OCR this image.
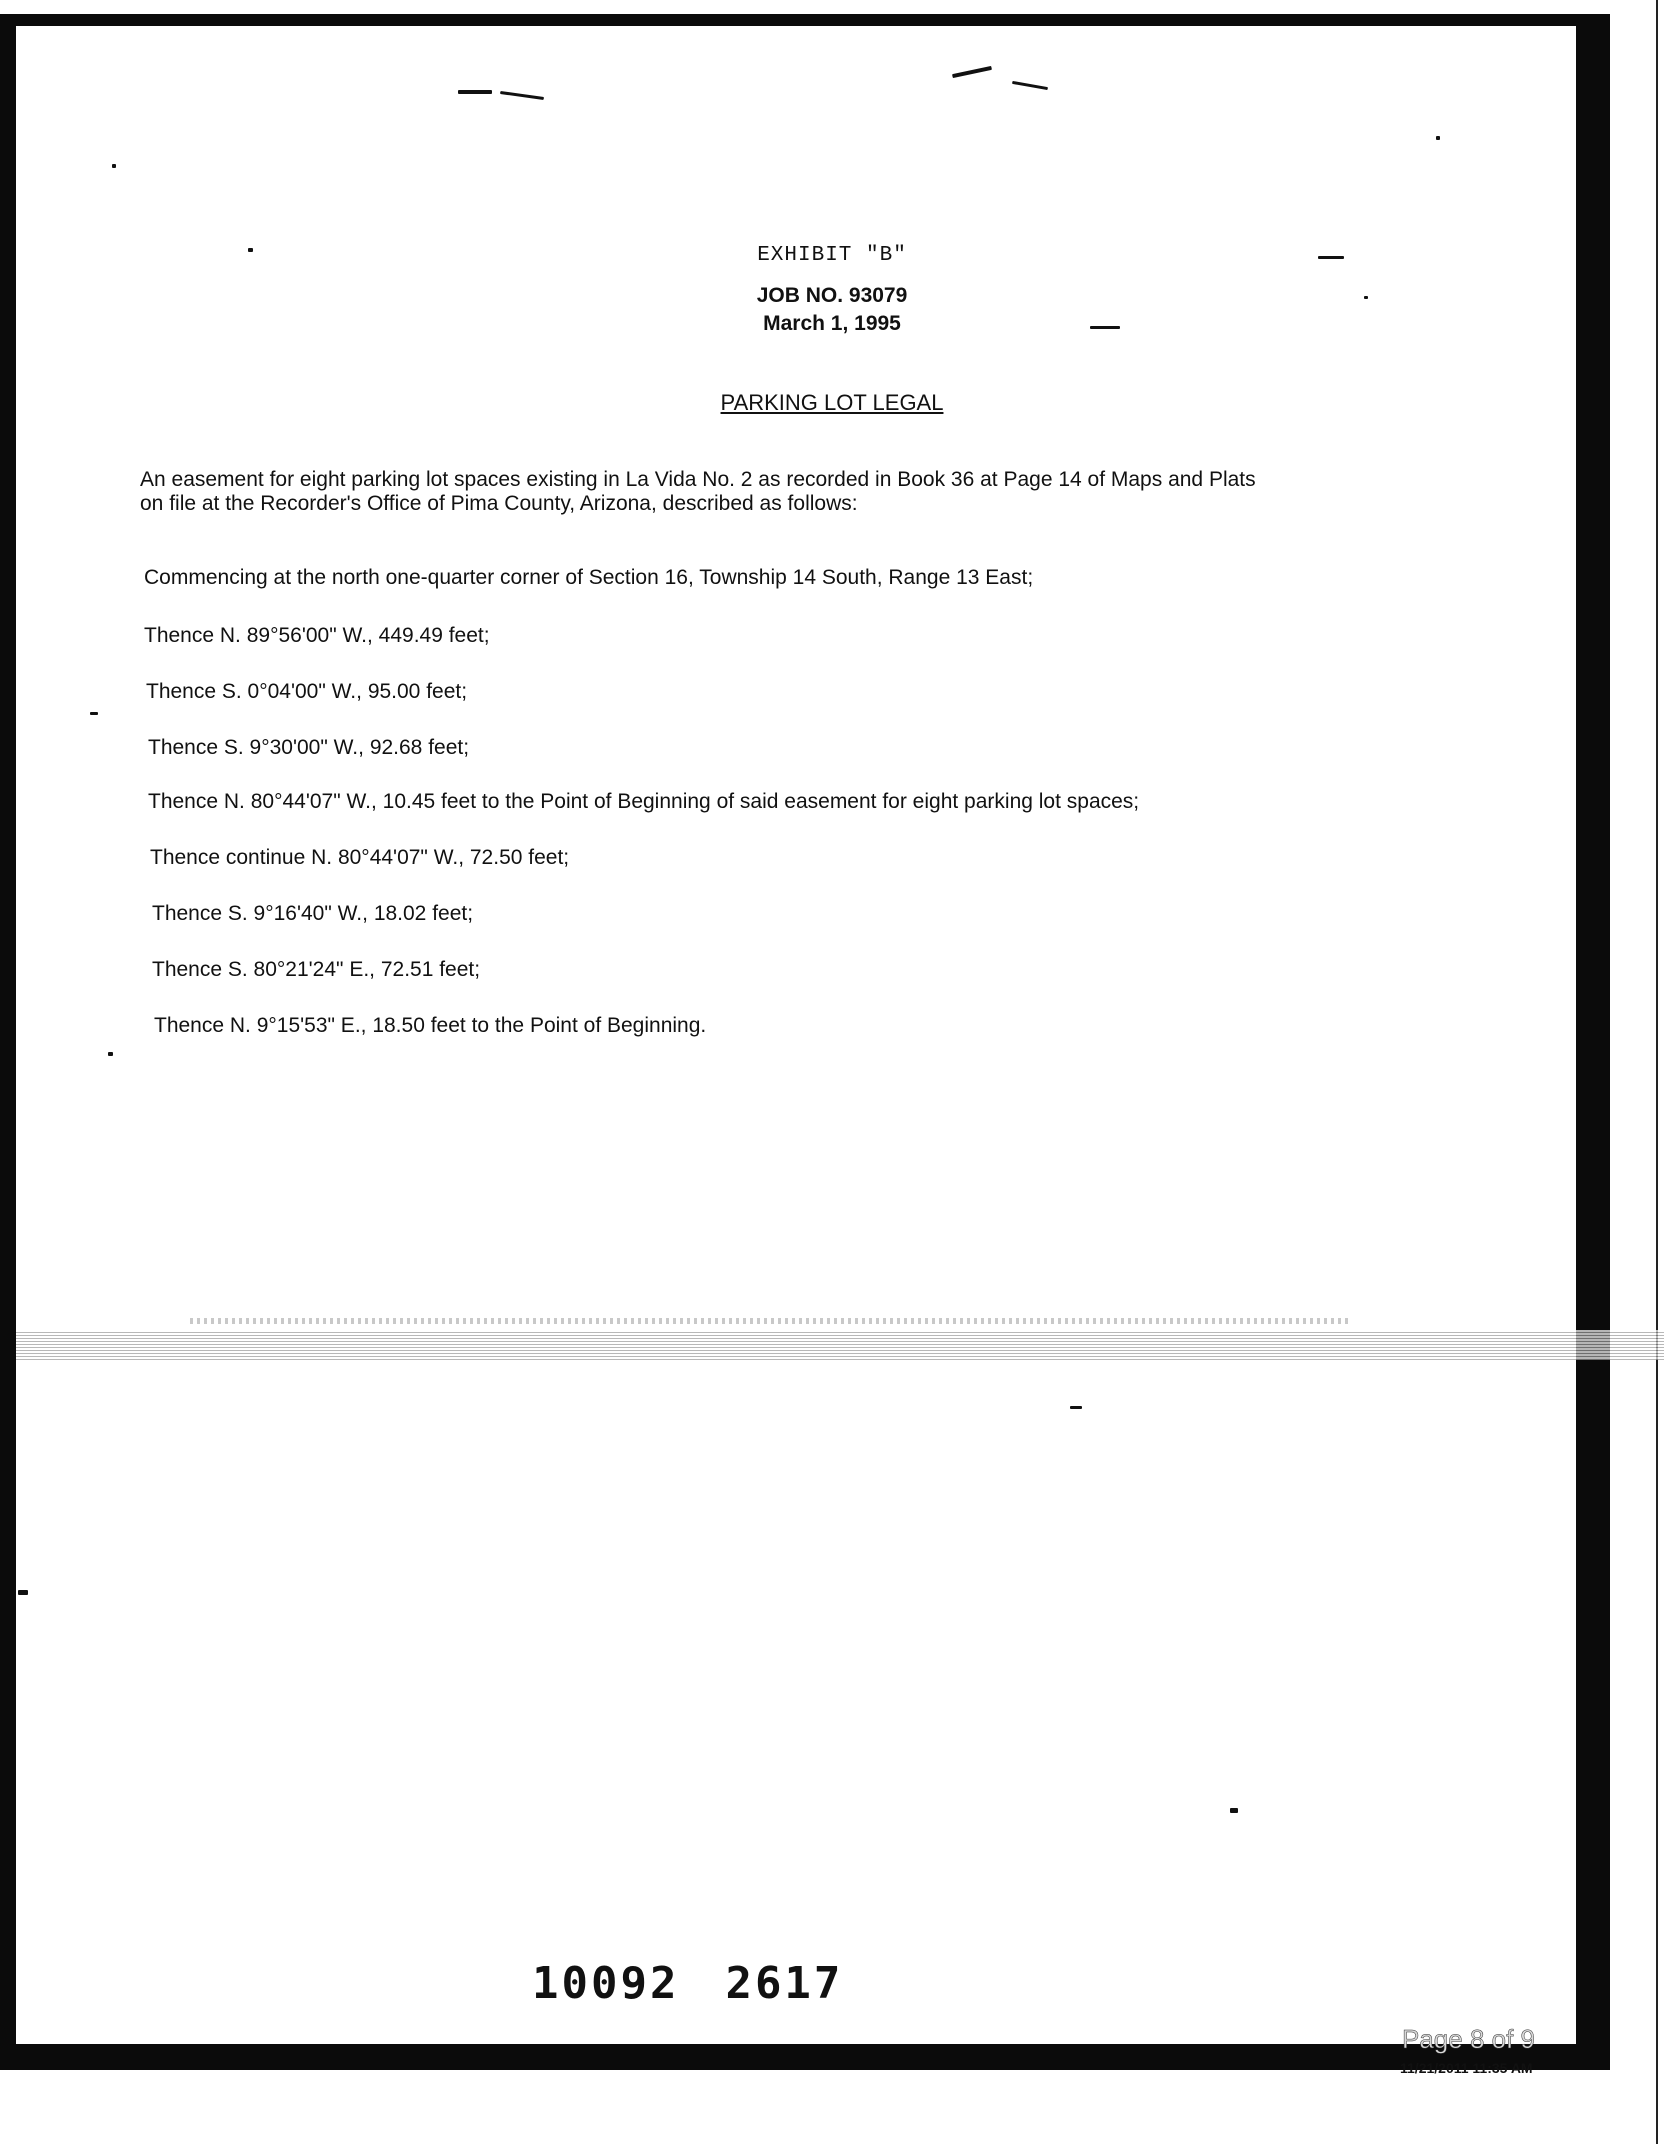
EXHIBIT "B"
JOB NO. 93079
March 1, 1995
PARKING LOT LEGAL
An easement for eight parking lot spaces existing in La Vida No. 2 as recorded in Book 36 at Page 14 of Maps and Plats on file at the Recorder's Office of Pima County, Arizona, described as follows:
Commencing at the north one-quarter corner of Section 16, Township 14 South, Range 13 East;
Thence N. 89°56'00" W., 449.49 feet;
Thence S. 0°04'00" W., 95.00 feet;
Thence S. 9°30'00" W., 92.68 feet;
Thence N. 80°44'07" W., 10.45 feet to the Point of Beginning of said easement for eight parking lot spaces;
Thence continue N. 80°44'07" W., 72.50 feet;
Thence S. 9°16'40" W., 18.02 feet;
Thence S. 80°21'24" E., 72.51 feet;
Thence N. 9°15'53" E., 18.50 feet to the Point of Beginning.
10092 2617
Page 8 of 9
11/21/2011 11:35 AM
